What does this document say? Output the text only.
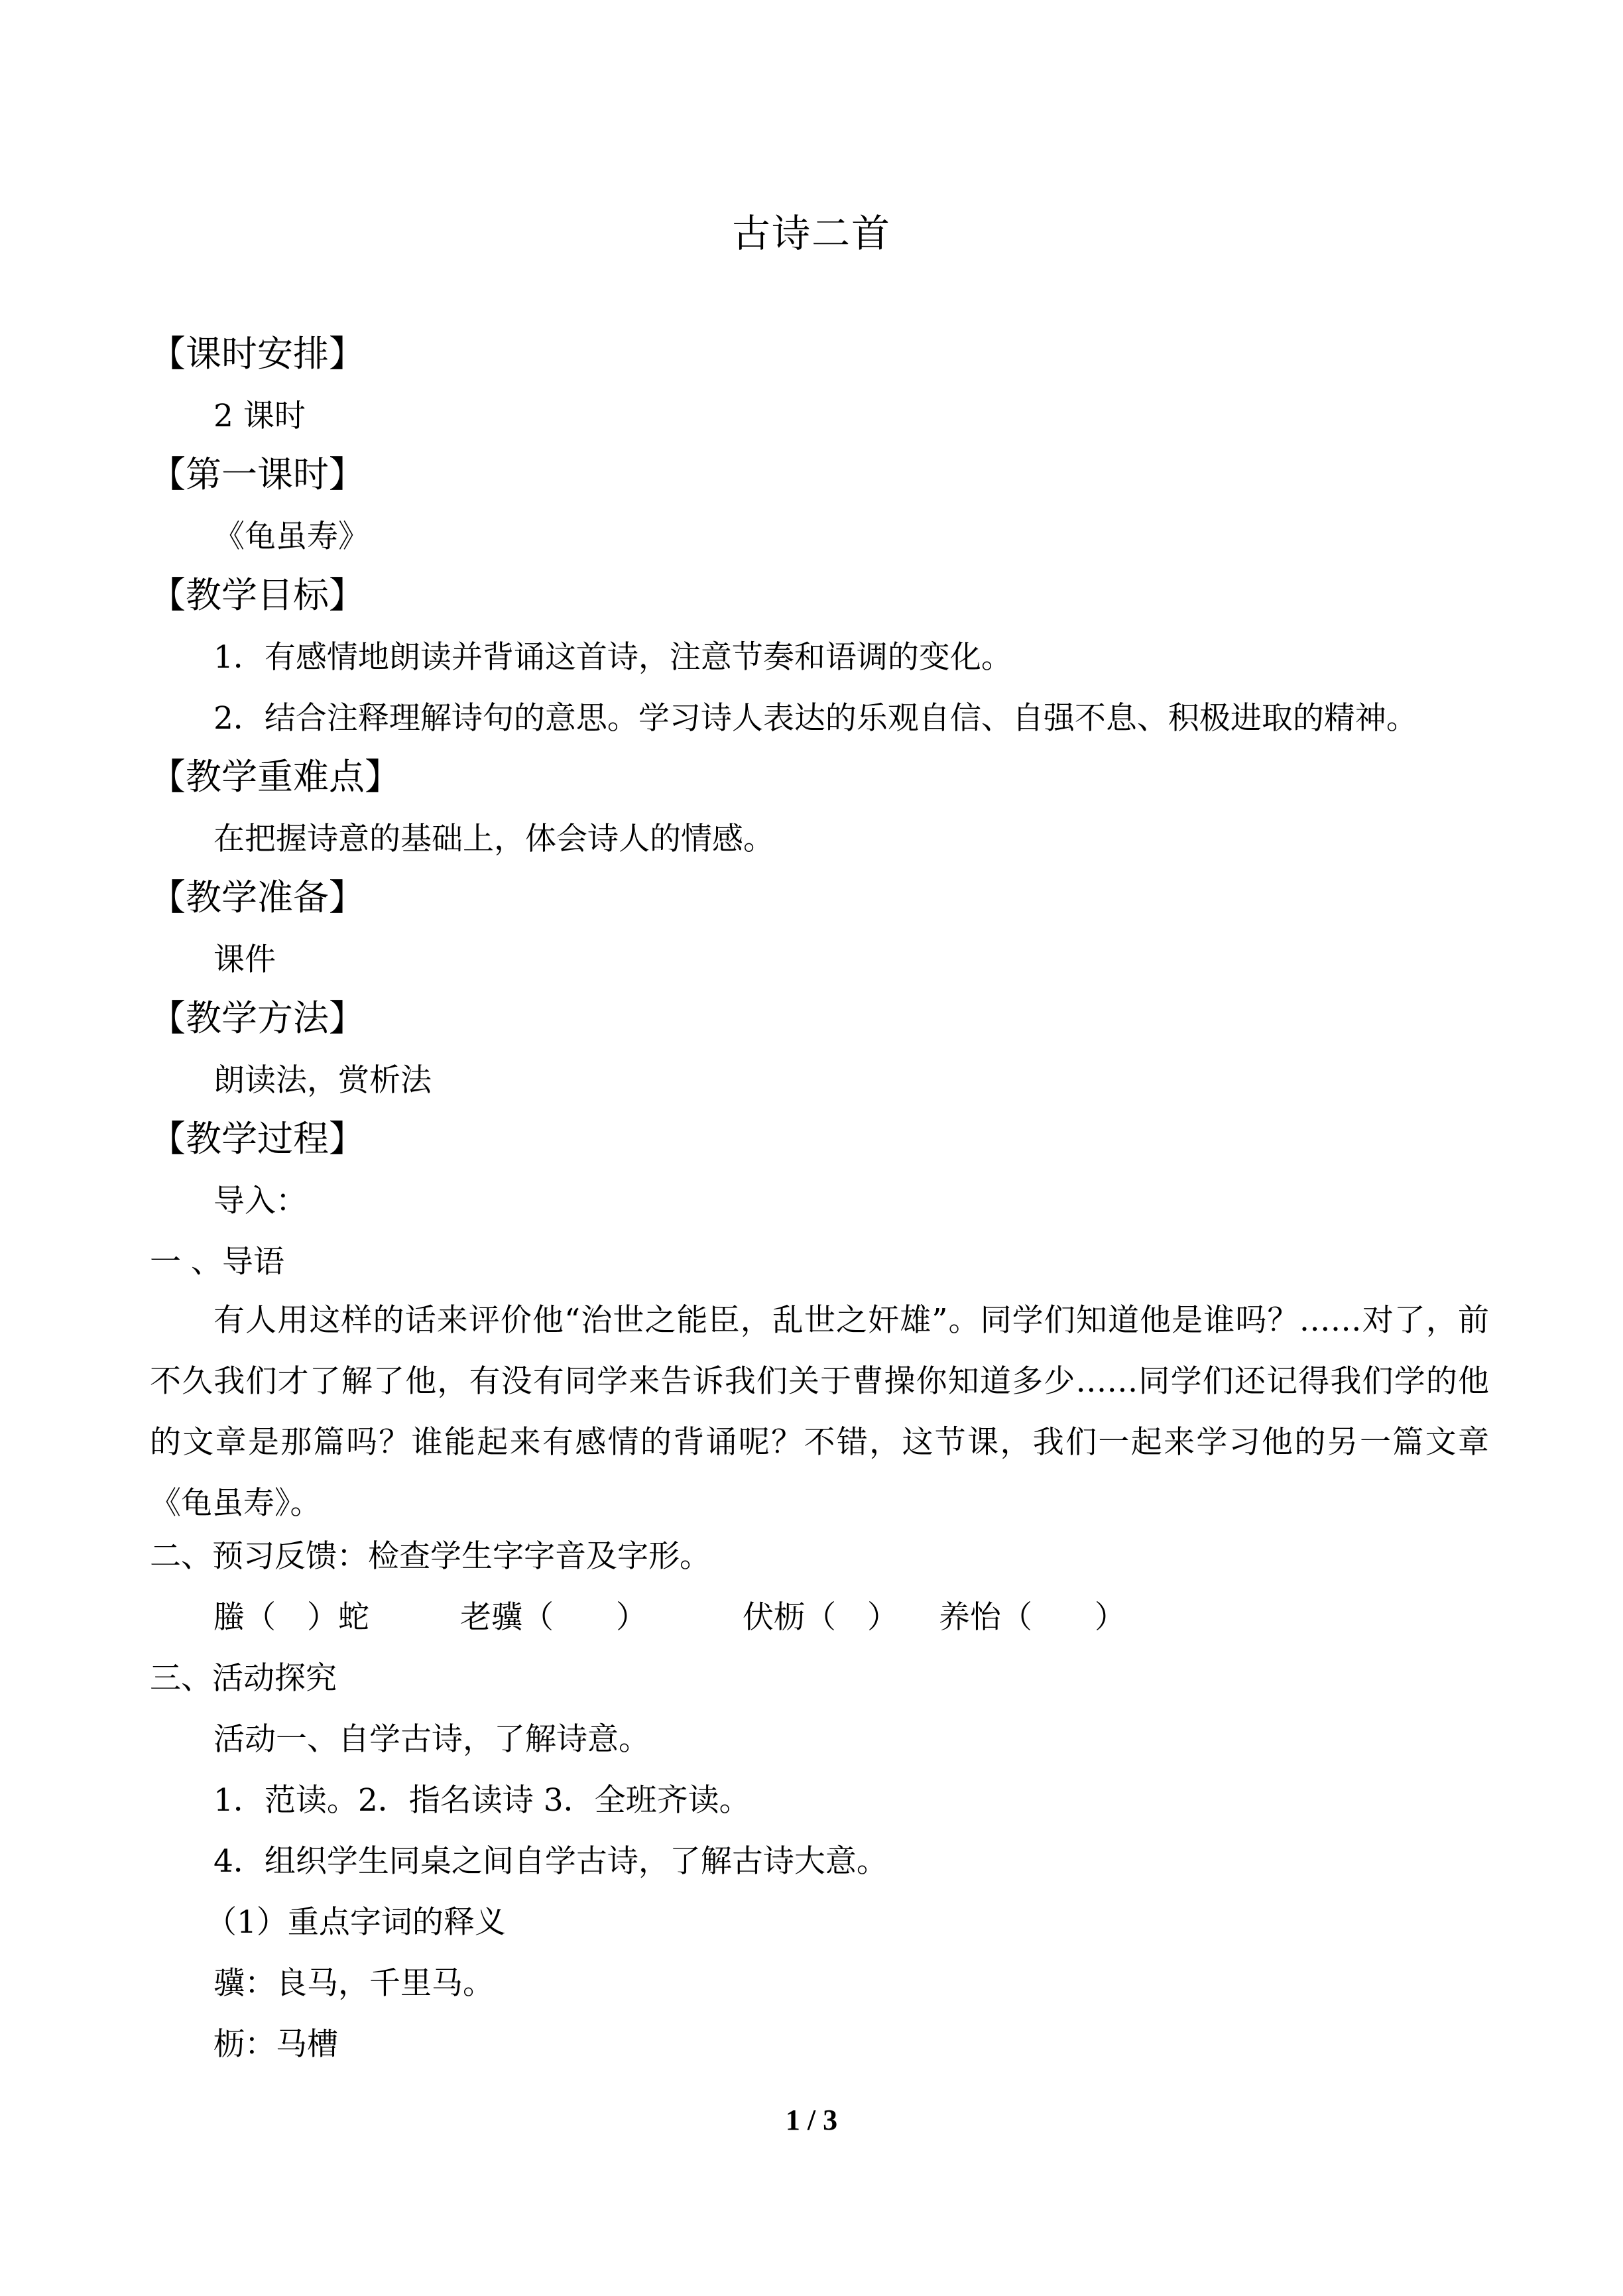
古诗二首
【课时安排】
2 课时
【第一课时】
《龟虽寿》
【教学目标】
1．有感情地朗读并背诵这首诗，注意节奏和语调的变化。
2．结合注释理解诗句的意思。学习诗人表达的乐观自信、自强不息、积极进取的精神。
【教学重难点】
在把握诗意的基础上，体会诗人的情感。
【教学准备】
课件
【教学方法】
朗读法，赏析法
【教学过程】
导入：
一 、导语
有人用这样的话来评价他“治世之能臣，乱世之奸雄”。同学们知道他是谁吗？……对了，前不久我们才了解了他，有没有同学来告诉我们关于曹操你知道多少……同学们还记得我们学的他的文章是那篇吗？谁能起来有感情的背诵呢？不错，这节课，我们一起来学习他的另一篇文章《龟虽寿》。
二、预习反馈：检查学生字字音及字形。
螣（　）蛇	老骥（　　）	伏枥（　） 养怡（　　）
三、活动探究
活动一、自学古诗，了解诗意。
1．范读。2．指名读诗 3．全班齐读。
4．组织学生同桌之间自学古诗，了解古诗大意。
（1）重点字词的释义
骥：良马，千里马。
枥：马槽
1 / 3
